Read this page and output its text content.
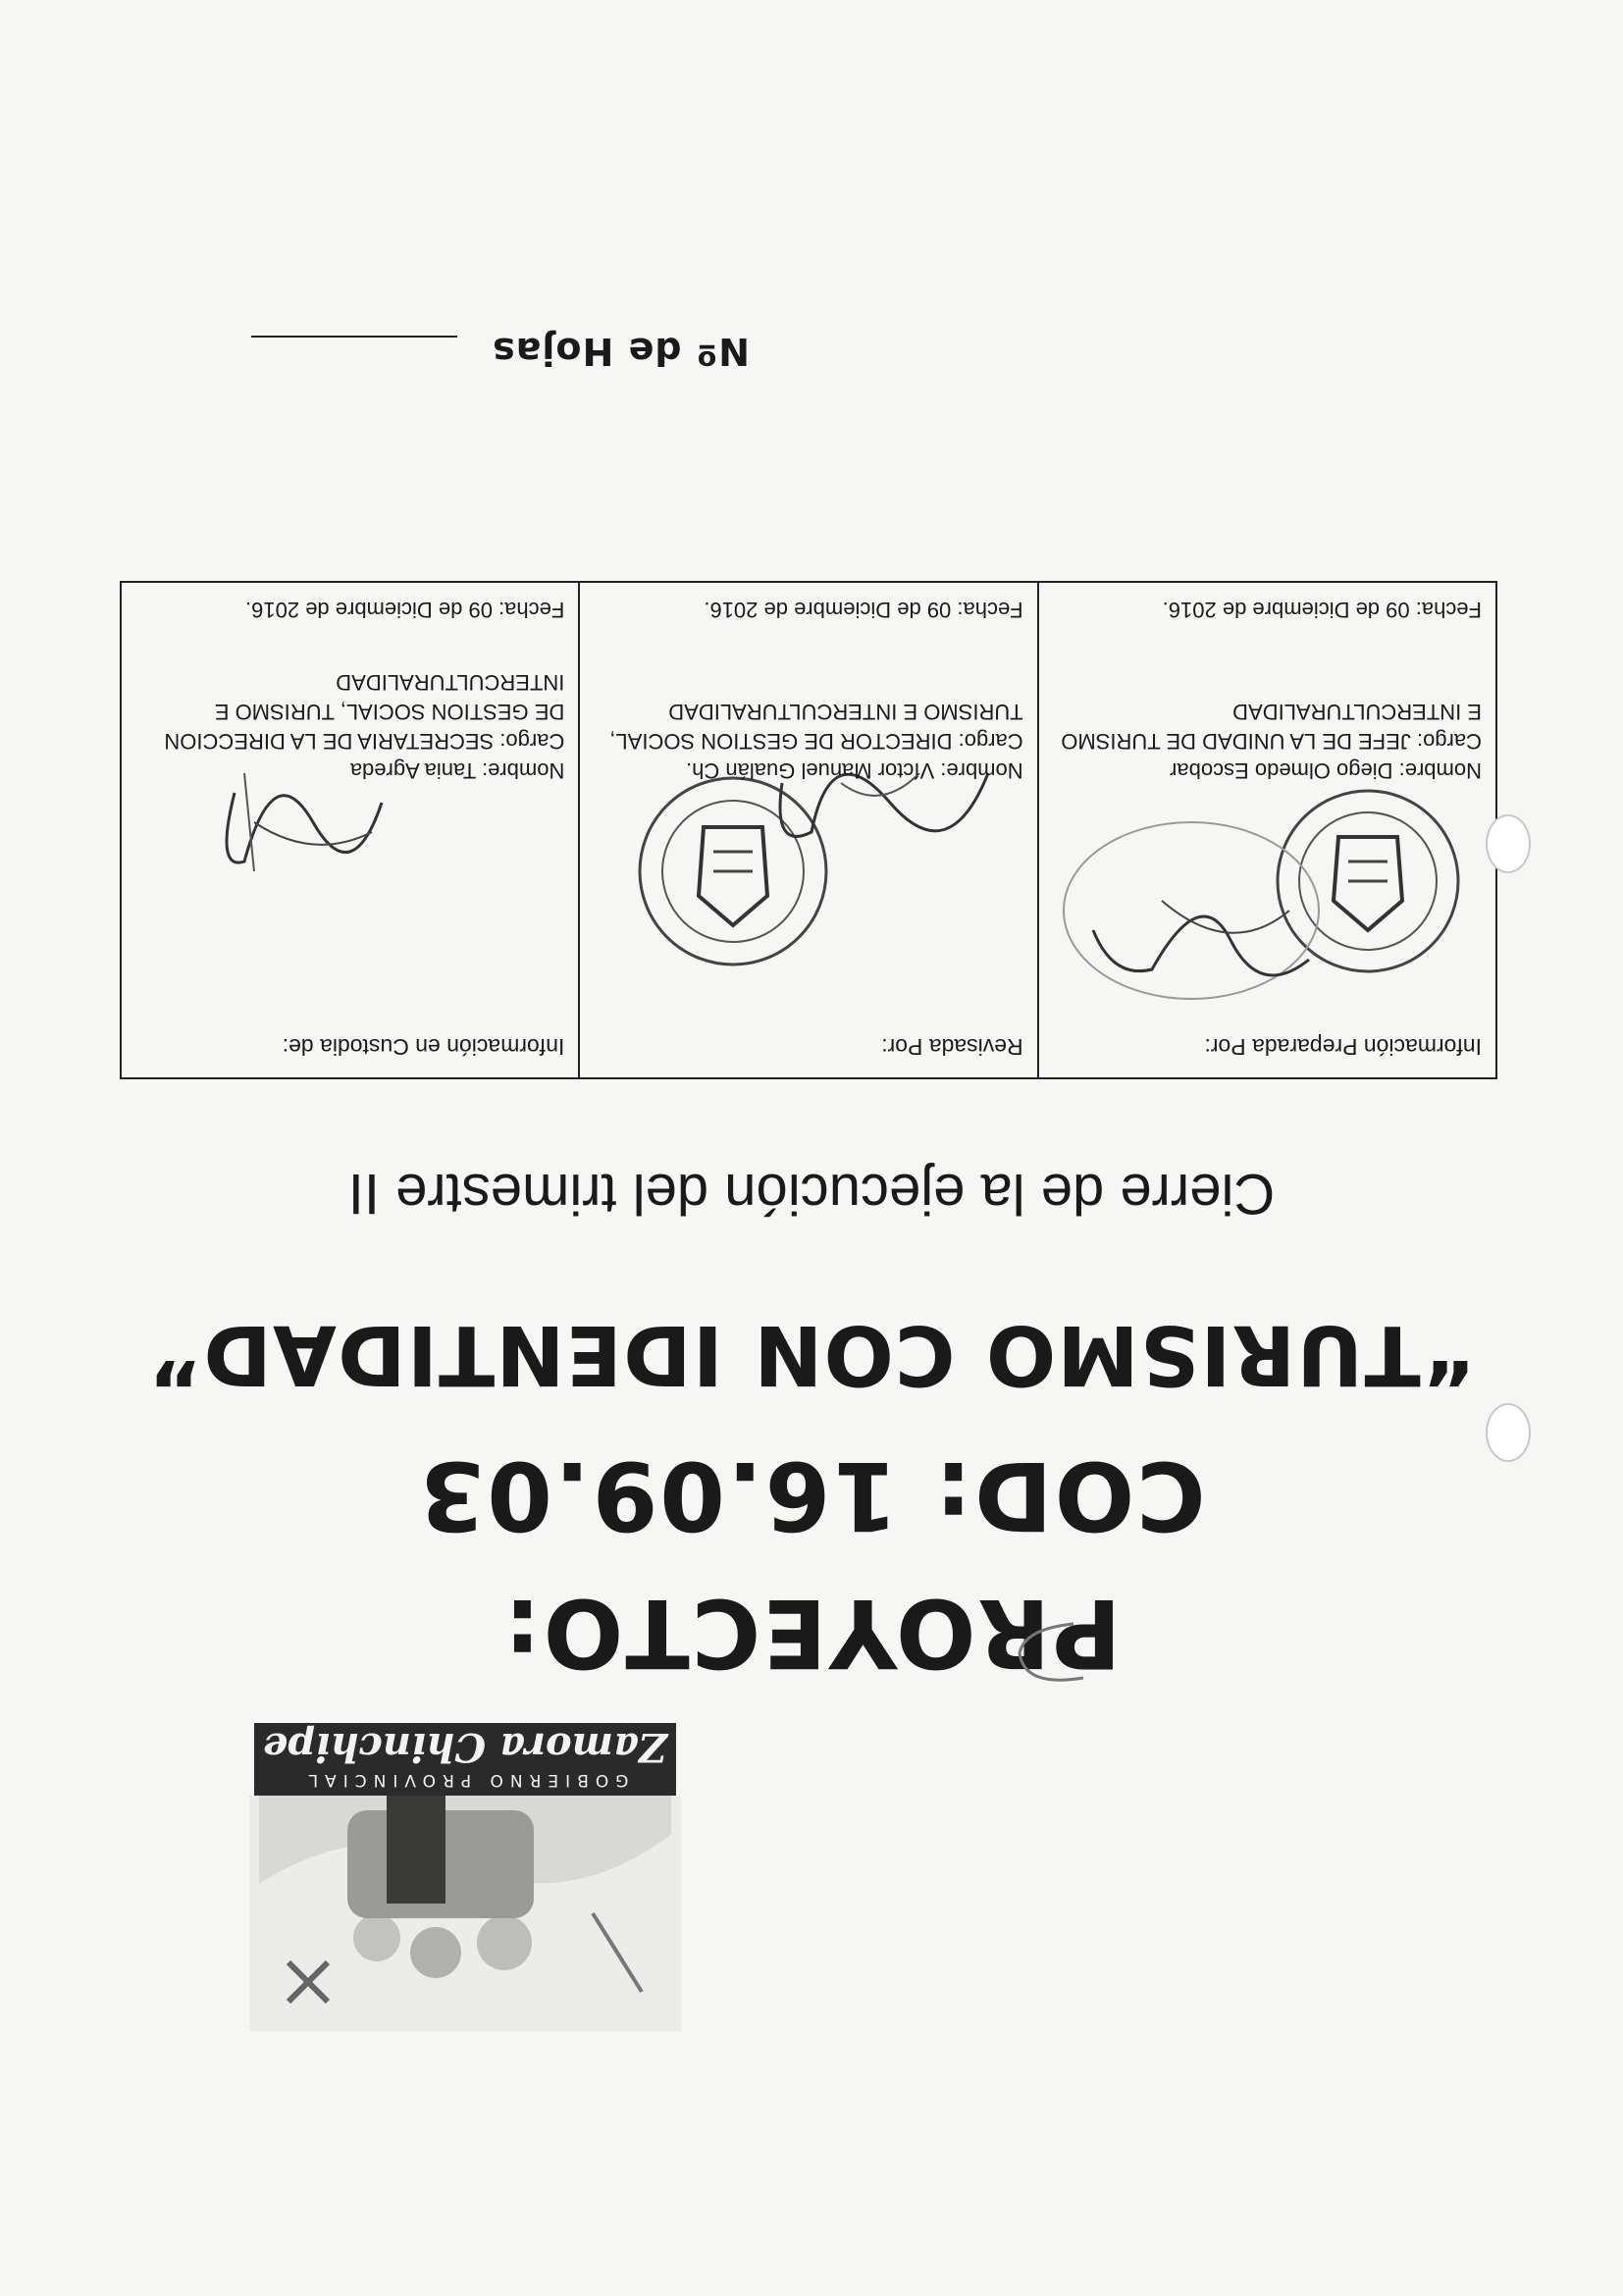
GOBIERNO PROVINCIAL
Zamora Chinchipe
PROYECTO:
COD: 16.09.03
“TURISMO CON IDENTIDAD”
Cierre de la ejecución del trimestre II
Información Preparada Por:
Nombre: Diego Olmedo Escobar
Cargo: JEFE DE LA UNIDAD DE TURISMO E INTERCULTURALIDAD
Fecha: 09 de Diciembre de 2016.
Revisada Por:
Nombre: Víctor Manuel Gualán Ch.
Cargo: DIRECTOR DE GESTION SOCIAL, TURISMO E INTERCULTURALIDAD
Fecha: 09 de Diciembre de 2016.
Información en Custodia de:
Nombre: Tania Agreda
Cargo: SECRETARIA DE LA DIRECCION DE GESTION SOCIAL, TURISMO E INTERCULTURALIDAD
Fecha: 09 de Diciembre de 2016.
Nº de Hojas
